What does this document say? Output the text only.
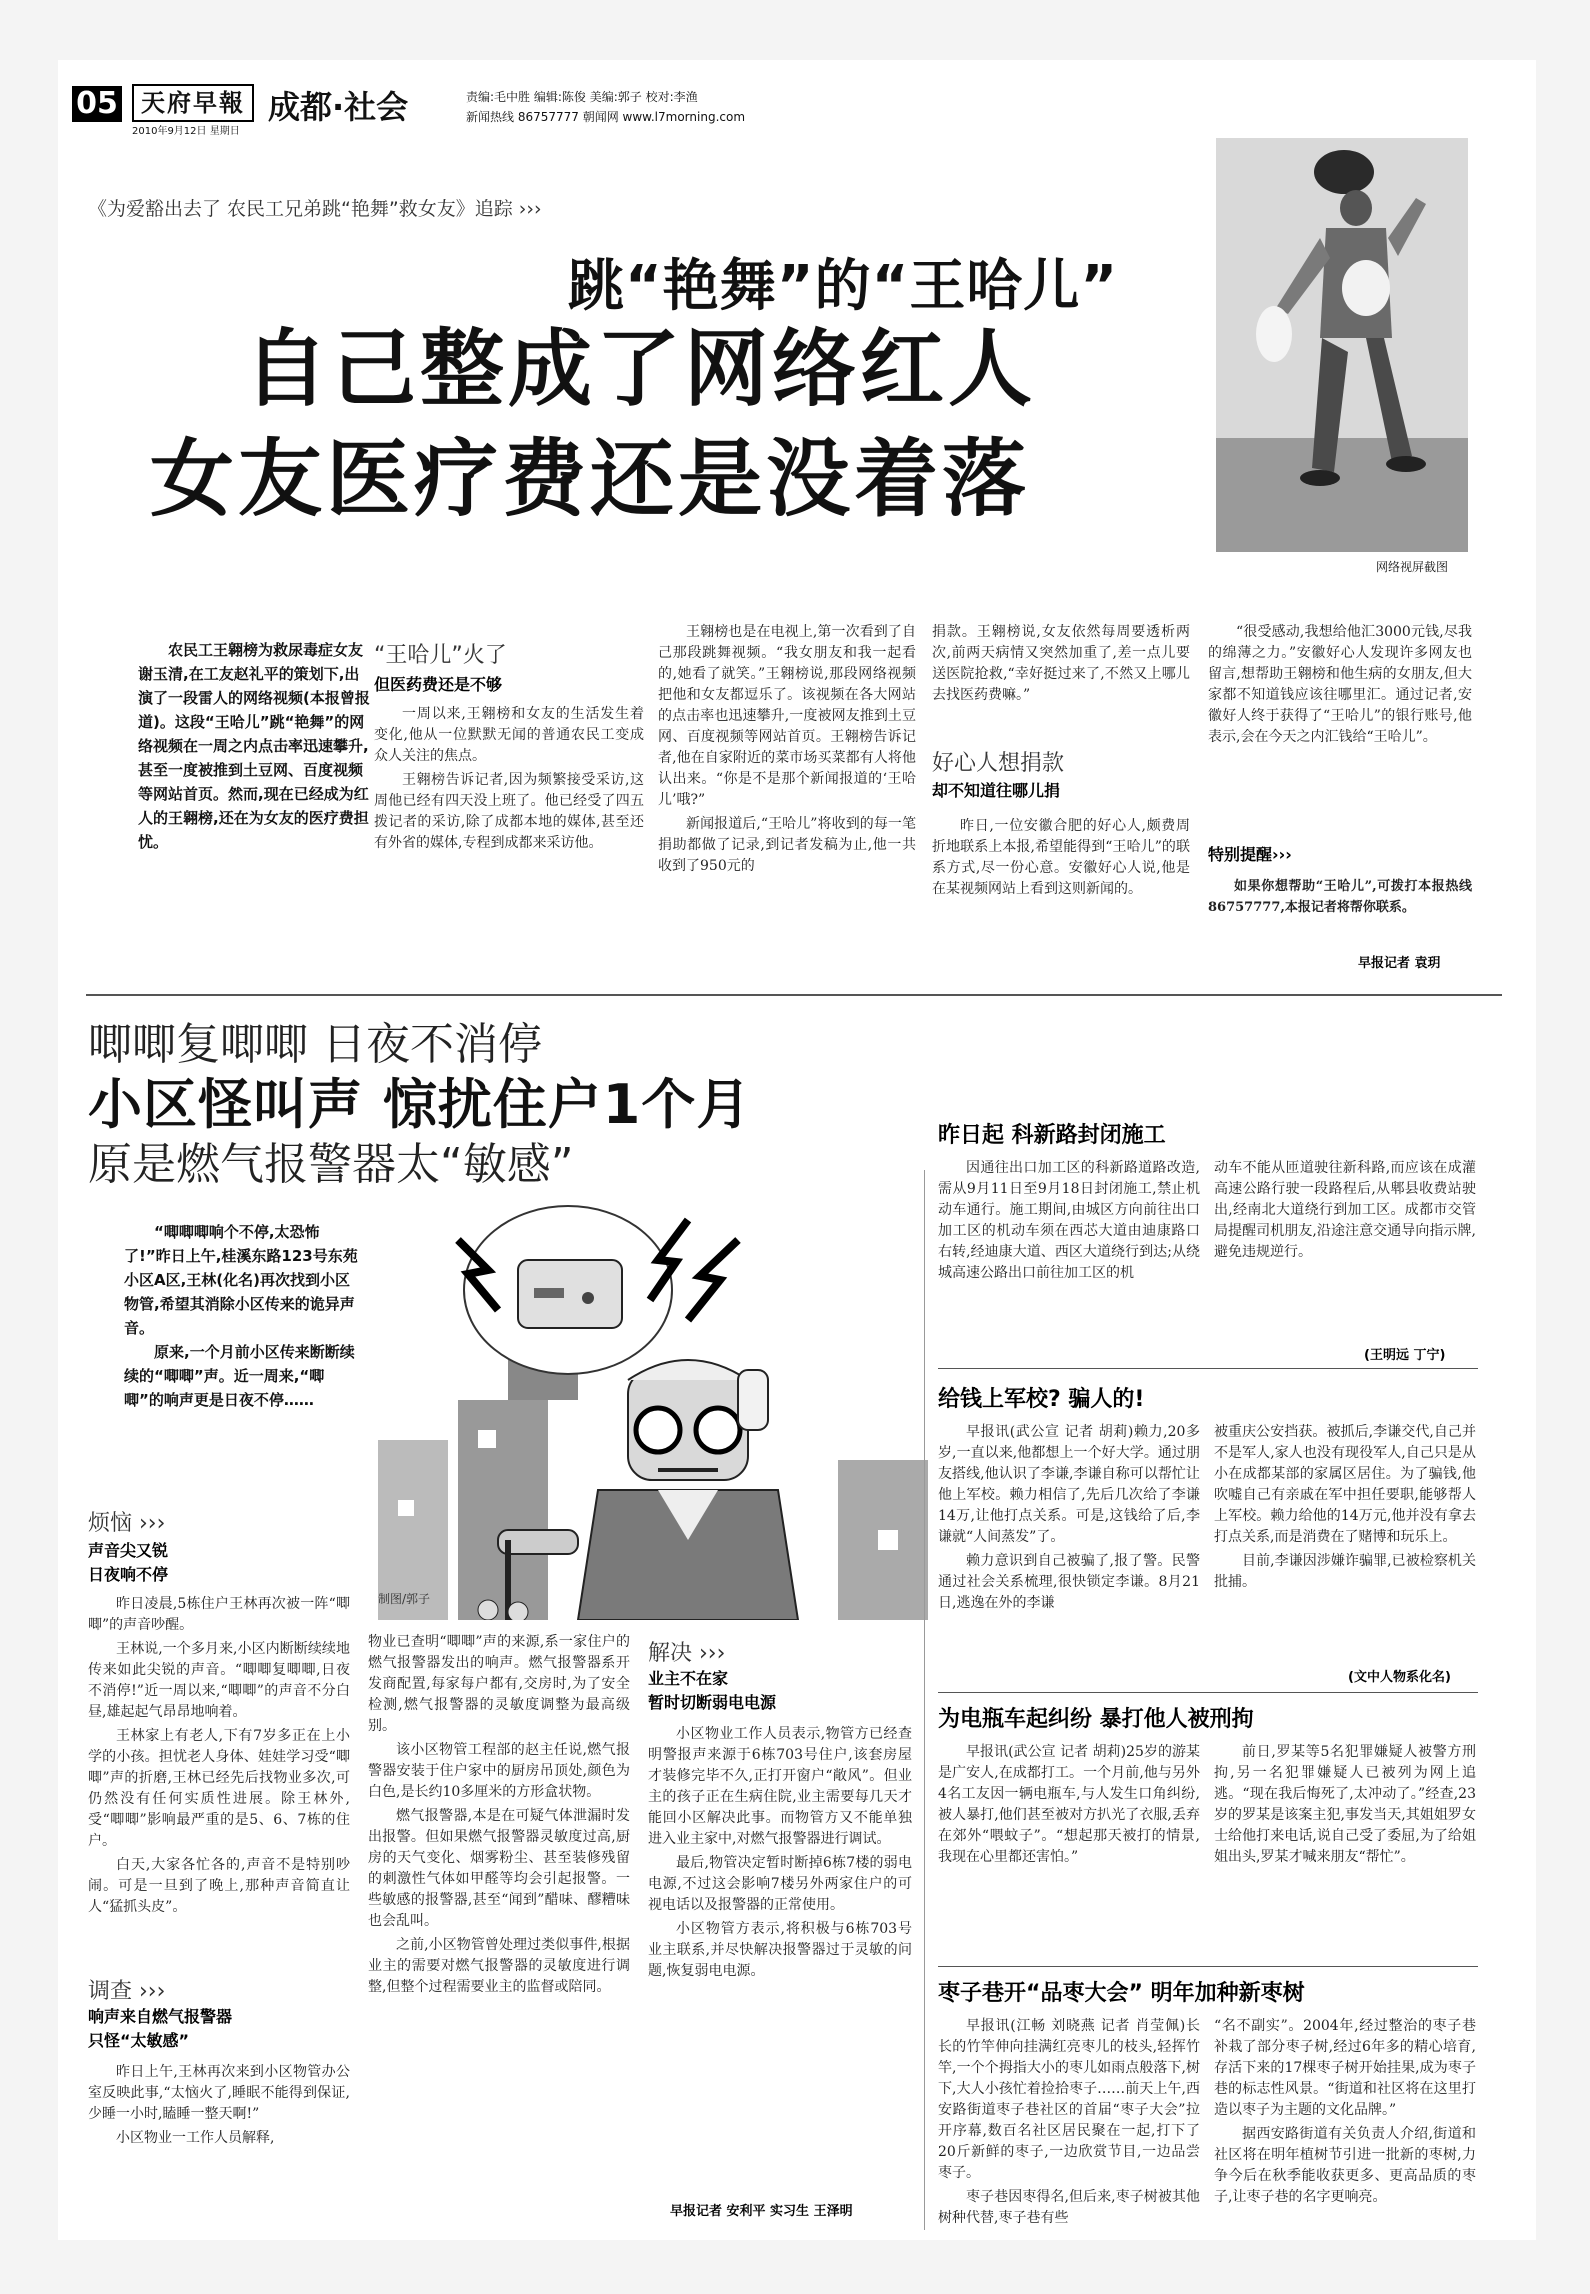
05 天府早報
2010年9月12日 星期日
成都·社会	责编:毛中胜 编辑:陈俊 美编:郭子 校对:李渔
新闻热线 86757777 朝闻网 www.l7morning.com
《为爱豁出去了 农民工兄弟跳“艳舞”救女友》追踪 ›››
跳“艳舞”的“王哈儿”
自己整成了网络红人
女友医疗费还是没着落
网络视屏截图

农民工王翱榜为救尿毒症女友谢玉清,在工友赵礼平的策划下,出演了一段雷人的网络视频(本报曾报道)。这段“王哈儿”跳“艳舞”的网络视频在一周之内点击率迅速攀升,甚至一度被推到土豆网、百度视频等网站首页。然而,现在已经成为红人的王翱榜,还在为女友的医疗费担忧。

“王哈儿”火了
但医药费还是不够

一周以来,王翱榜和女友的生活发生着变化,他从一位默默无闻的普通农民工变成众人关注的焦点。

王翱榜告诉记者,因为频繁接受采访,这周他已经有四天没上班了。他已经受了四五拨记者的采访,除了成都本地的媒体,甚至还有外省的媒体,专程到成都来采访他。

王翱榜也是在电视上,第一次看到了自己那段跳舞视频。“我女朋友和我一起看的,她看了就笑。”王翱榜说,那段网络视频把他和女友都逗乐了。该视频在各大网站的点击率也迅速攀升,一度被网友推到土豆网、百度视频等网站首页。王翱榜告诉记者,他在自家附近的菜市场买菜都有人将他认出来。“你是不是那个新闻报道的‘王哈儿’哦?”

新闻报道后,“王哈儿”将收到的每一笔捐助都做了记录,到记者发稿为止,他一共收到了950元的

捐款。王翱榜说,女友依然每周要透析两次,前两天病情又突然加重了,差一点儿要送医院抢救,“幸好挺过来了,不然又上哪儿去找医药费嘛。”

好心人想捐款
却不知道往哪儿捐

昨日,一位安徽合肥的好心人,颇费周折地联系上本报,希望能得到“王哈儿”的联系方式,尽一份心意。安徽好心人说,他是在某视频网站上看到这则新闻的。

“很受感动,我想给他汇3000元钱,尽我的绵薄之力。”安徽好心人发现许多网友也留言,想帮助王翱榜和他生病的女朋友,但大家都不知道钱应该往哪里汇。通过记者,安徽好人终于获得了“王哈儿”的银行账号,他表示,会在今天之内汇钱给“王哈儿”。

特别提醒›››

如果你想帮助“王哈儿”,可拨打本报热线86757777,本报记者将帮你联系。

早报记者 袁玥
唧唧复唧唧 日夜不消停
小区怪叫声 惊扰住户1个月
原是燃气报警器太“敏感”

“唧唧唧响个不停,太恐怖了!”昨日上午,桂溪东路123号东苑小区A区,王林(化名)再次找到小区物管,希望其消除小区传来的诡异声音。

原来,一个月前小区传来断断续续的“唧唧”声。近一周来,“唧唧”的响声更是日夜不停……

制图/郭子
烦恼 ›››
声音尖又锐
日夜响不停

昨日凌晨,5栋住户王林再次被一阵“唧唧”的声音吵醒。

王林说,一个多月来,小区内断断续续地传来如此尖锐的声音。“唧唧复唧唧,日夜不消停!”近一周以来,“唧唧”的声音不分白昼,雄起起气昂昂地响着。

王林家上有老人,下有7岁多正在上小学的小孩。担忧老人身体、娃娃学习受“唧唧”声的折磨,王林已经先后找物业多次,可仍然没有任何实质性进展。除王林外,受“唧唧”影响最严重的是5、6、7栋的住户。

白天,大家各忙各的,声音不是特别吵闹。可是一旦到了晚上,那种声音简直让人“猛抓头皮”。

调查 ›››
响声来自燃气报警器
只怪“太敏感”

昨日上午,王林再次来到小区物管办公室反映此事,“太恼火了,睡眠不能得到保证,少睡一小时,瞌睡一整天啊!”

小区物业一工作人员解释,

物业已查明“唧唧”声的来源,系一家住户的燃气报警器发出的响声。燃气报警器系开发商配置,每家每户都有,交房时,为了安全检测,燃气报警器的灵敏度调整为最高级别。

该小区物管工程部的赵主任说,燃气报警器安装于住户家中的厨房吊顶处,颜色为白色,是长约10多厘米的方形盒状物。

燃气报警器,本是在可疑气体泄漏时发出报警。但如果燃气报警器灵敏度过高,厨房的天气变化、烟雾粉尘、甚至装修残留的刺激性气体如甲醛等均会引起报警。一些敏感的报警器,甚至“闻到”醋味、醪糟味也会乱叫。

之前,小区物管曾处理过类似事件,根据业主的需要对燃气报警器的灵敏度进行调整,但整个过程需要业主的监督或陪同。

解决 ›››
业主不在家
暂时切断弱电电源

小区物业工作人员表示,物管方已经查明警报声来源于6栋703号住户,该套房屋才装修完毕不久,正打开窗户“敞风”。但业主的孩子正在生病住院,业主需要每几天才能回小区解决此事。而物管方又不能单独进入业主家中,对燃气报警器进行调试。

最后,物管决定暂时断掉6栋7楼的弱电电源,不过这会影响7楼另外两家住户的可视电话以及报警器的正常使用。

小区物管方表示,将积极与6栋703号业主联系,并尽快解决报警器过于灵敏的问题,恢复弱电电源。

早报记者 安利平 实习生 王泽明
昨日起 科新路封闭施工

因通往出口加工区的科新路道路改造,需从9月11日至9月18日封闭施工,禁止机动车通行。施工期间,由城区方向前往出口加工区的机动车须在西芯大道由迪康路口右转,经迪康大道、西区大道绕行到达;从绕城高速公路出口前往加工区的机

动车不能从匝道驶往新科路,而应该在成灌高速公路行驶一段路程后,从郫县收费站驶出,经南北大道绕行到加工区。成都市交管局提醒司机朋友,沿途注意交通导向指示牌,避免违规逆行。

(王明远 丁宁)
给钱上军校? 骗人的!

早报讯(武公宣 记者 胡莉)赖力,20多岁,一直以来,他都想上一个好大学。通过朋友搭线,他认识了李谦,李谦自称可以帮忙让他上军校。赖力相信了,先后几次给了李谦14万,让他打点关系。可是,这钱给了后,李谦就“人间蒸发”了。

赖力意识到自己被骗了,报了警。民警通过社会关系梳理,很快锁定李谦。8月21日,逃逸在外的李谦

被重庆公安挡获。被抓后,李谦交代,自己并不是军人,家人也没有现役军人,自己只是从小在成都某部的家属区居住。为了骗钱,他吹嘘自己有亲戚在军中担任要职,能够帮人上军校。赖力给他的14万元,他并没有拿去打点关系,而是消费在了赌博和玩乐上。

目前,李谦因涉嫌诈骗罪,已被检察机关批捕。

(文中人物系化名)
为电瓶车起纠纷 暴打他人被刑拘

早报讯(武公宣 记者 胡莉)25岁的游某是广安人,在成都打工。一个月前,他与另外4名工友因一辆电瓶车,与人发生口角纠纷,被人暴打,他们甚至被对方扒光了衣服,丢弃在郊外“喂蚊子”。“想起那天被打的情景,我现在心里都还害怕。”

前日,罗某等5名犯罪嫌疑人被警方刑拘,另一名犯罪嫌疑人已被列为网上追逃。“现在我后悔死了,太冲动了。”经查,23岁的罗某是该案主犯,事发当天,其姐姐罗女士给他打来电话,说自己受了委屈,为了给姐姐出头,罗某才喊来朋友“帮忙”。

枣子巷开“品枣大会” 明年加种新枣树

早报讯(江畅 刘晓燕 记者 肖莹佩)长长的竹竿伸向挂满红亮枣儿的枝头,轻挥竹竿,一个个拇指大小的枣儿如雨点般落下,树下,大人小孩忙着捡拾枣子……前天上午,西安路街道枣子巷社区的首届“枣子大会”拉开序幕,数百名社区居民聚在一起,打下了20斤新鲜的枣子,一边欣赏节目,一边品尝枣子。

枣子巷因枣得名,但后来,枣子树被其他树种代替,枣子巷有些

“名不副实”。2004年,经过整治的枣子巷补栽了部分枣子树,经过6年多的精心培育,存活下来的17棵枣子树开始挂果,成为枣子巷的标志性风景。“街道和社区将在这里打造以枣子为主题的文化品牌。”

据西安路街道有关负责人介绍,街道和社区将在明年植树节引进一批新的枣树,力争今后在秋季能收获更多、更高品质的枣子,让枣子巷的名字更响亮。
